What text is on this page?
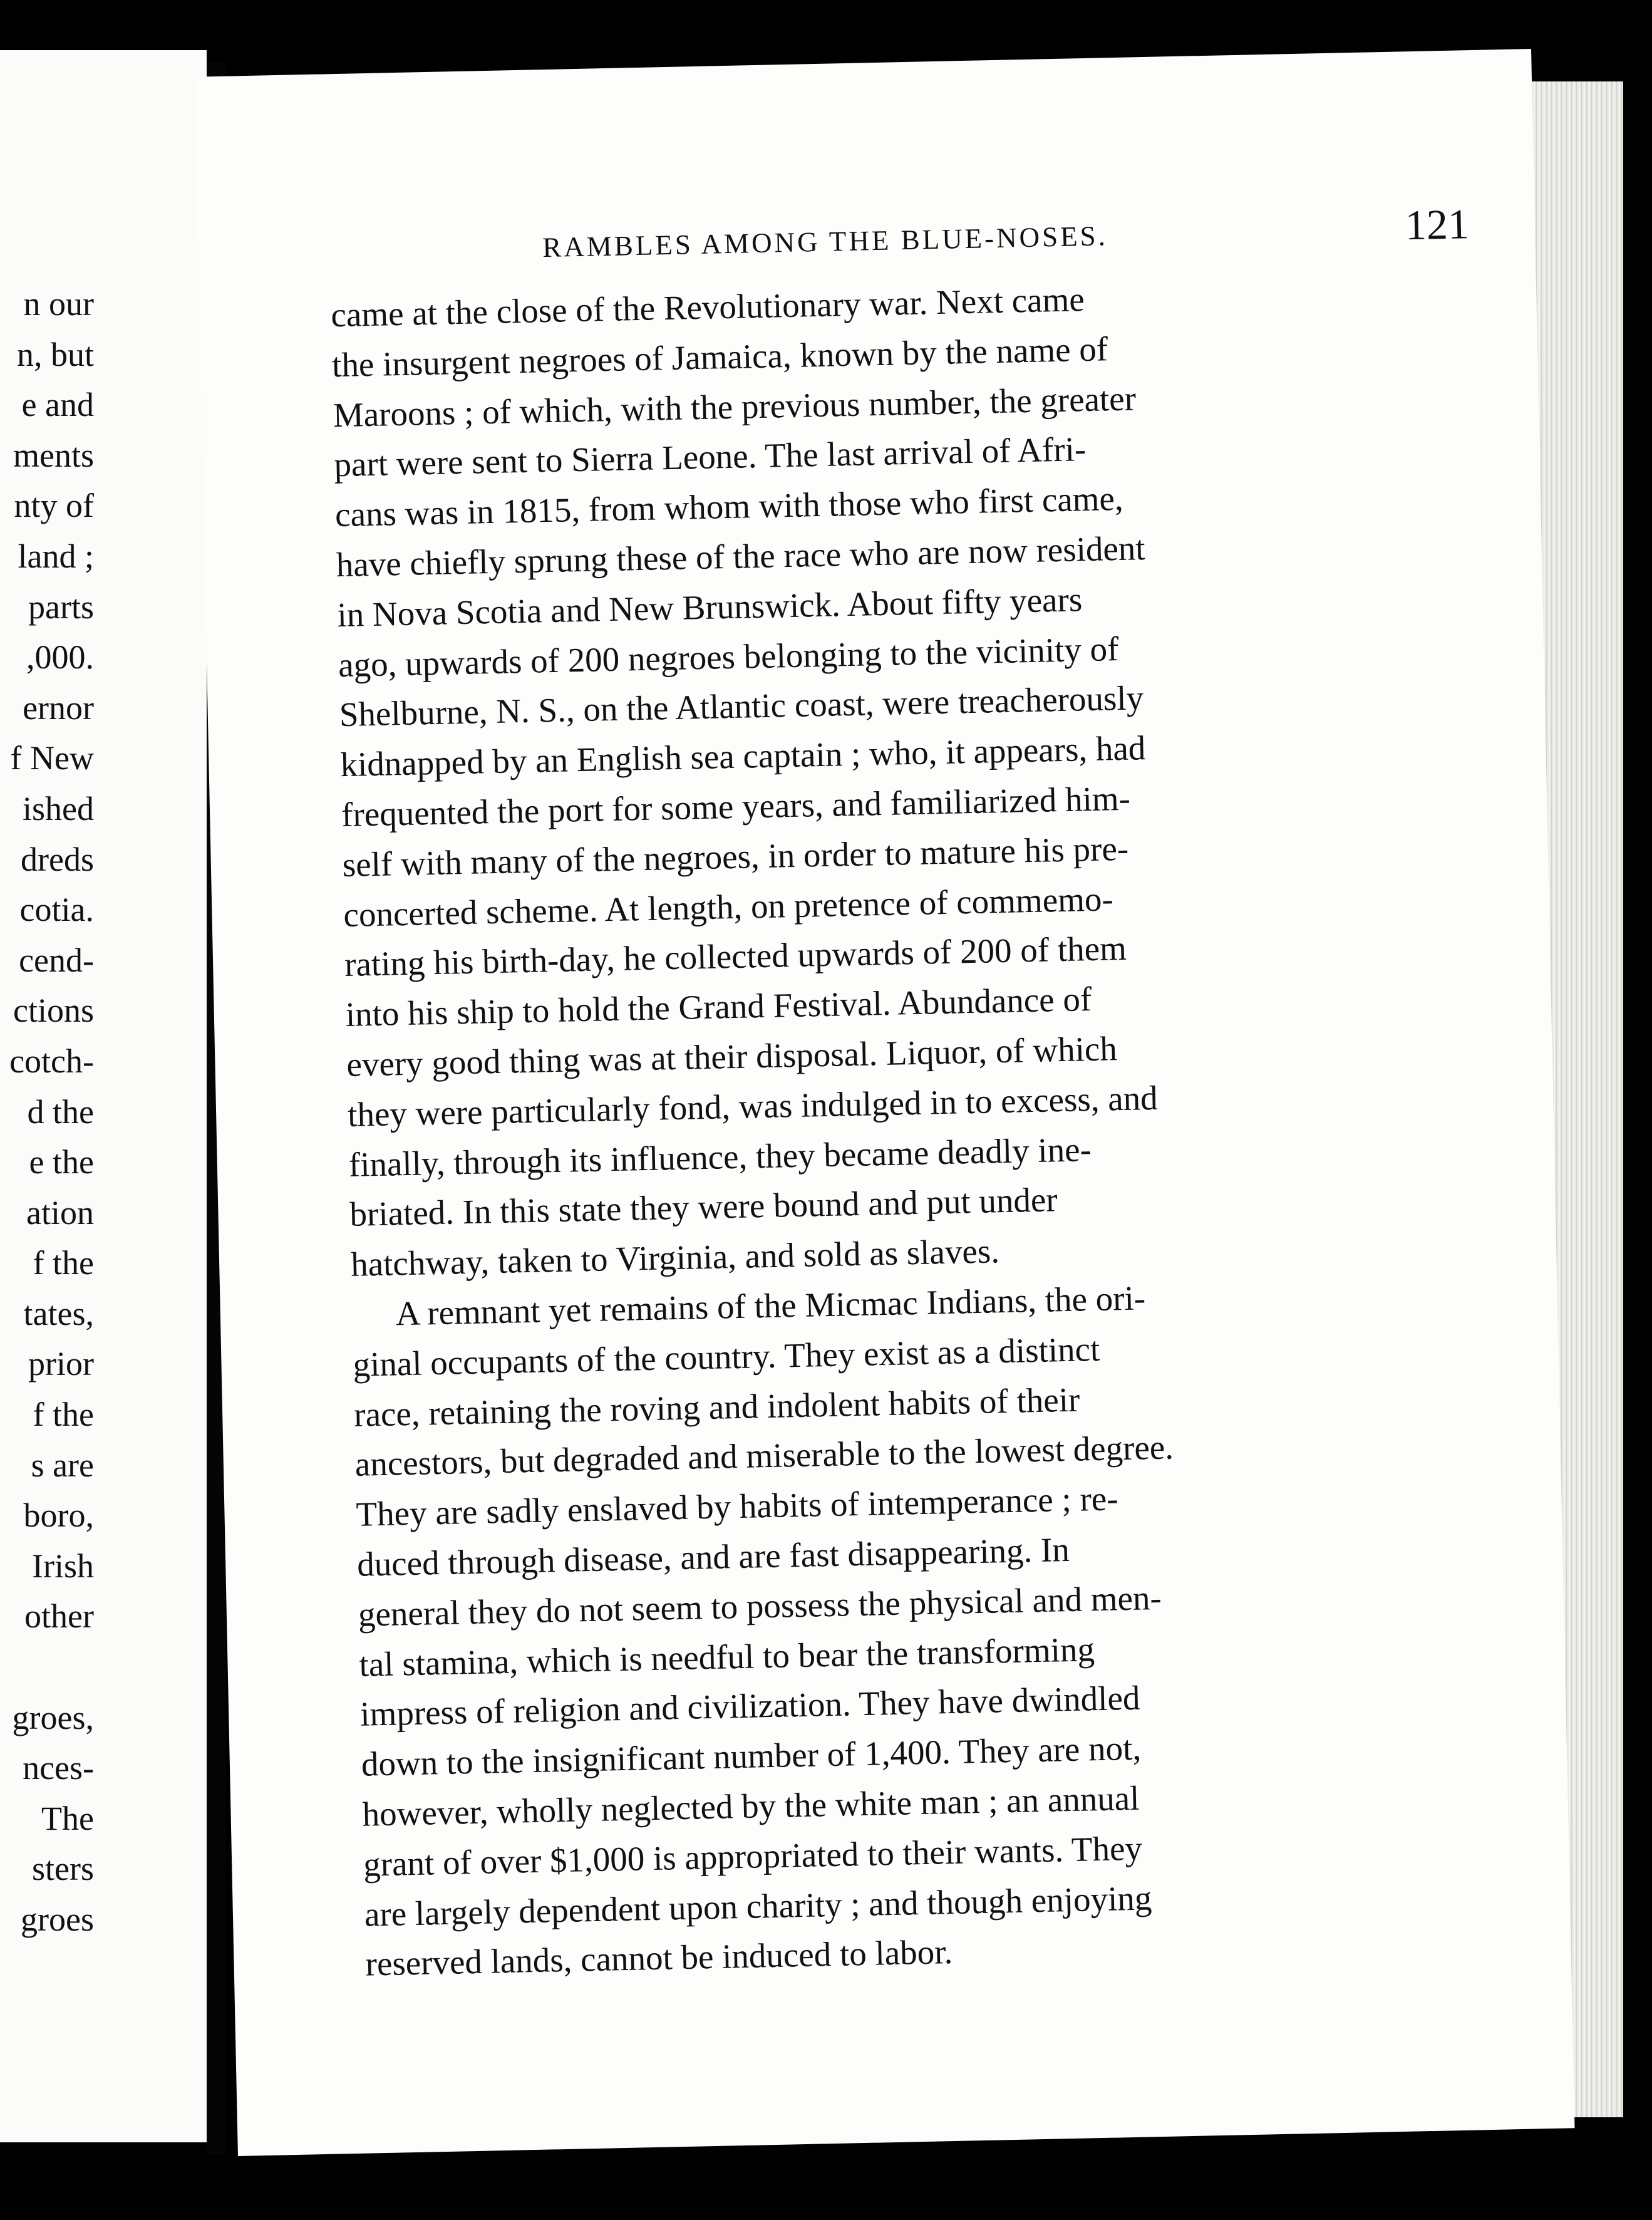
n our
n, but
e and
ments
nty of
land ;
parts
,000.
ernor
f New
ished
dreds
cotia.
cend-
ctions
cotch-
d the
e the
ation
f the
tates,
prior
f the
s are
boro,
Irish
other
groes,
nces-
The
sters
groes
RAMBLES AMONG THE BLUE-NOSES.	121
came at the close of the Revolutionary war. Next came
the insurgent negroes of Jamaica, known by the name of
Maroons ; of which, with the previous number, the greater
part were sent to Sierra Leone. The last arrival of Afri-
cans was in 1815, from whom with those who first came,
have chiefly sprung these of the race who are now resident
in Nova Scotia and New Brunswick. About fifty years
ago, upwards of 200 negroes belonging to the vicinity of
Shelburne, N. S., on the Atlantic coast, were treacherously
kidnapped by an English sea captain ; who, it appears, had
frequented the port for some years, and familiarized him-
self with many of the negroes, in order to mature his pre-
concerted scheme. At length, on pretence of commemo-
rating his birth-day, he collected upwards of 200 of them
into his ship to hold the Grand Festival. Abundance of
every good thing was at their disposal. Liquor, of which
they were particularly fond, was indulged in to excess, and
finally, through its influence, they became deadly ine-
briated. In this state they were bound and put under
hatchway, taken to Virginia, and sold as slaves.
A remnant yet remains of the Micmac Indians, the ori-
ginal occupants of the country. They exist as a distinct
race, retaining the roving and indolent habits of their
ancestors, but degraded and miserable to the lowest degree.
They are sadly enslaved by habits of intemperance ; re-
duced through disease, and are fast disappearing. In
general they do not seem to possess the physical and men-
tal stamina, which is needful to bear the transforming
impress of religion and civilization. They have dwindled
down to the insignificant number of 1,400. They are not,
however, wholly neglected by the white man ; an annual
grant of over $1,000 is appropriated to their wants. They
are largely dependent upon charity ; and though enjoying
reserved lands, cannot be induced to labor.
